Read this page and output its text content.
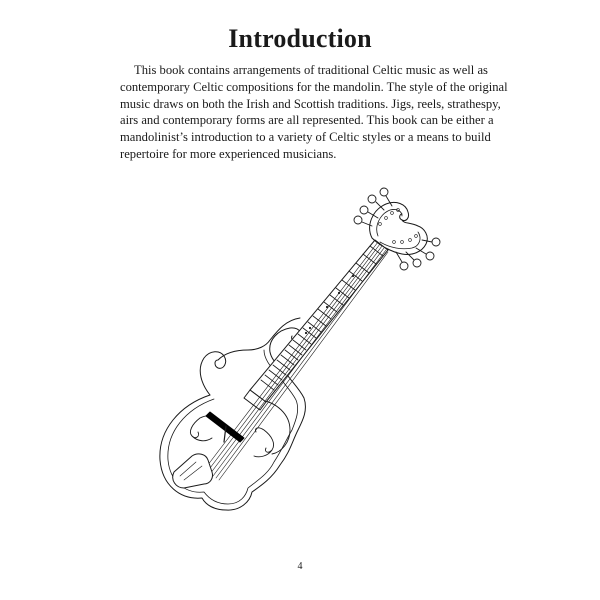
Introduction

This book contains arrangements of traditional Celtic music as well as
contemporary Celtic compositions for the mandolin. The style of the original
music draws on both the Irish and Scottish traditions. Jigs, reels, strathespy,
airs and contemporary forms are all represented. This book can be either a
mandolinist’s introduction to a variety of Celtic styles or a means to build
repertoire for more experienced musicians.

4
